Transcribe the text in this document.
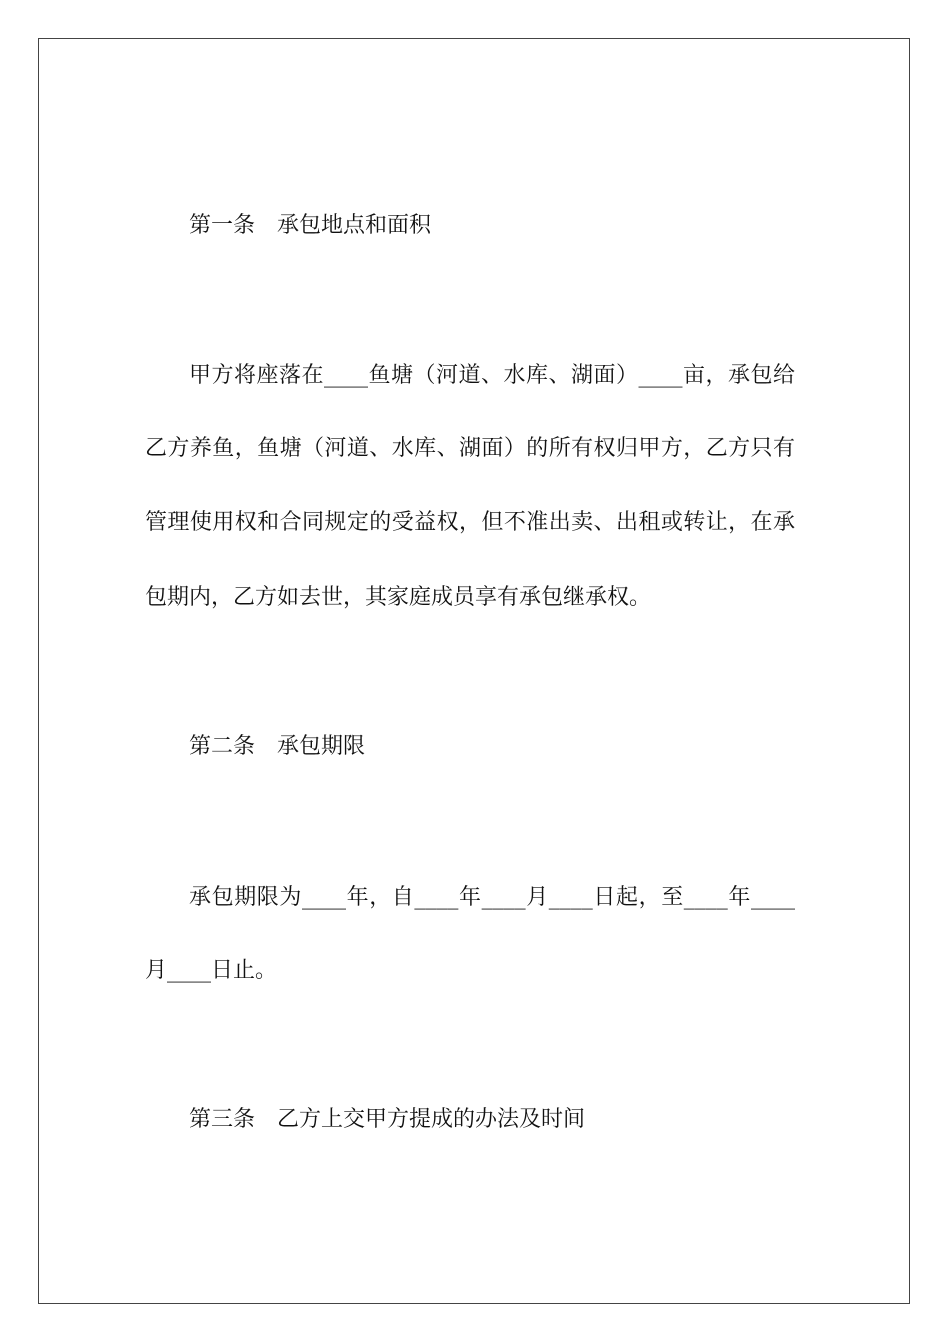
第一条　承包地点和面积
甲方将座落在____鱼塘（河道、水库、湖面）____亩，承包给
乙方养鱼，鱼塘（河道、水库、湖面）的所有权归甲方，乙方只有
管理使用权和合同规定的受益权，但不准出卖、出租或转让，在承
包期内，乙方如去世，其家庭成员享有承包继承权。
第二条　承包期限
承包期限为____年，自____年____月____日起，至____年____
月____日止。
第三条　乙方上交甲方提成的办法及时间
